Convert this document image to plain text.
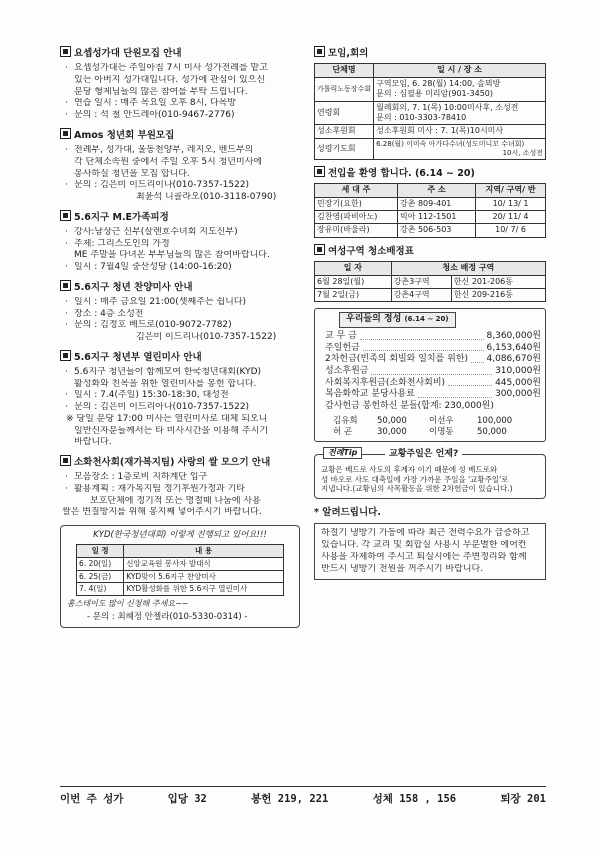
요셉성가대 단원모집 안내
· 요셉성가대는 주일아침 7시 미사 성가전례를 맡고
있는 아버지 성가대입니다. 성가에 관심이 있으신
분당 형제님들의 많은 참여를 부탁 드립니다.
· 연습 일시 : 매주 목요일 오후 8시, 다목방
· 문의 : 석 철 안드레아(010-9467-2776)
Amos 청년회 부원모집
· 전례부, 성가대, 울동천양부, 레지오, 벤드부의
각 단체소속원 중에서 주일 오후 5시 청년미사에
봉사하실 청년을 모집 합니다.
· 문의 : 김은미 이드리이나(010-7357-1522)
최윤석 니콜라오(010-3118-0790)
5.6지구 M.E가족피정
· 강사:남상근 신부(살렌흐수녀회 지도신부)
· 주제: 그리스도인의 가정
ME 주말을 다녀온 부부님들의 많은 참여바랍니다.
· 일시 : 7월4일 중산성당 (14:00-16:20)
5.6지구 청년 찬양미사 안내
· 일시 : 매주 금요일 21:00(셋째주는 쉽니다)
· 장소 : 4층 소성전
· 문의 : 김정호 베드로(010-9072-7782)
김은미 이드리나(010-7357-1522)
5.6지구 청년부 열린미사 안내
· 5.6지구 청년들이 함께모여 한국청년대회(KYD)
활성화와 친목을 위한 열린미사를 봉헌 합니다.
· 일시 : 7.4(주일) 15:30-18:30, 대성전
· 문의 : 김은미 이드리아나(010-7357-1522)
※ 당일 분당 17:00 미사는 열린미사로 대체 되오니
일반신자분들께서는 타 미사시간을 이용해 주시기
바랍니다.
소화천사회(재가복지팀) 사랑의 쌀 모으기 안내
· 모음장소 : 1층로비 지하계단 입구
· 활용계획 : 재가복지팀 정기후원가정과 기타
보호단체에 정기적 또는 명절때 나눔에 사용
쌀은 변질방지를 위해 봉지째 넣어주시기 바랍니다.
KYD(한국청년대회) 이렇게 진행되고 있어요!!!
일 정	내 용
6. 20(일)	신앙교육원 봉사자 발대식
6. 25(금)	KYD맞이 5.6지구 찬양미사
7. 4(일)	KYD활성화를 위한 5.6지구 열린미사
홈스테이도 많이 신청해 주세요~~
- 문의 : 최혜정 안젤라(010-5330-0314) -
모임,회의
단체명	일 시 / 장 소
가톨릭노동장수회	구역모임, 6. 28(월) 14:00, 솔뫼방
문의 : 심필용 미리암(901-3450)

연령회	월례회의, 7. 1(목) 10:00미사후, 소성전
문의 : 010-3303-78410

성소후원회	성소후원회 미사 : 7. 1(목)10시미사
성령기도회	6.28(월) 이미숙 아가다수녀(성도미니꼬 수녀회)
10시, 소성전
전입을 환영 합니다. (6.14 ~ 20)
세 대 주	주 소	지역/ 구역/ 반
민장기(요한)	강촌 809-401	10/ 13/ 1
김찬영(파비아노)	빅아 112-1501	20/ 11/ 4
장유미(바울라)	강촌 506-503	10/ 7/ 6
여성구역 청소배정표
일 자	청소 배정 구역	
6월 28일(월)	강촌3구역	한신 201-206동
7월 2일(금)	강촌4구역	한신 209-216동
우리들의 정성 (6.14 ~ 20)
교 무 금	8,360,000원
주일헌금	6,153,640원
2차헌금(빈족의 회빌와 일치를 위한) 4,086,670원
성소후원금	310,000원
사회복지후원금(소화천사회비)	445,000원
복음화학교 분당사용료	300,000원
감사헌금 봉헌하신 분들(합계: 230,000원)
김유희	50,000	이선우	100,000
허 곤	30,000	이명동	50,000
전례Tip	교황주일은 언제?
교황은 베드로 사도의 후계자 이기 때문에 성 베드로와
성 바오로 사도 대축일에 가장 가까운 주일을 '교황주일'로
지냅니다.(교황님의 사목활동을 위한 2차헌금이 있습니다.)
* 알려드립니다.
하절기 냉방기 가동에 따라 최근 전력수요가 급증하고
있습니다. 각 교리 및 회합실 사용시 무분별한 에어컨
사용을 자제하여 주시고 퇴실시에는 주변정리와 함께
반드시 냉방기 전원을 꺼주시기 바랍니다.
이번 주 성가	입당 32	봉헌 219, 221	성체 158 , 156	퇴장 201
